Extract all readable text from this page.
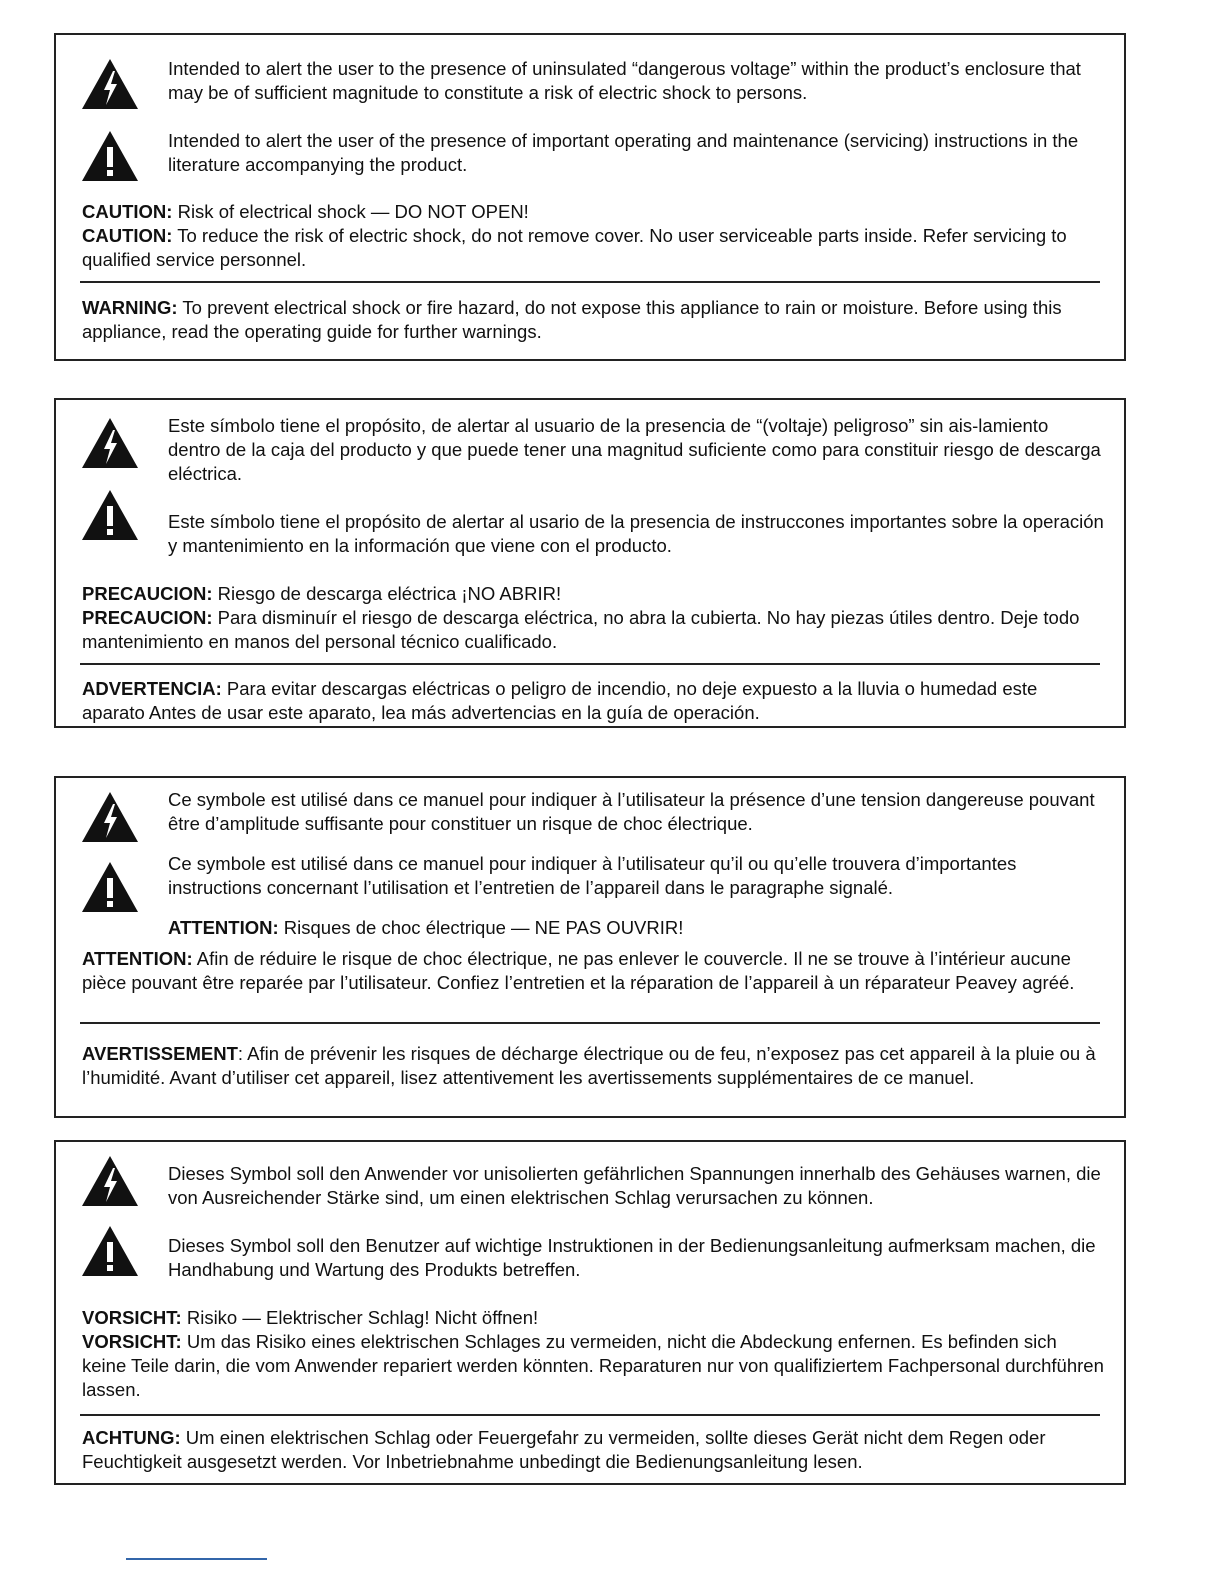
Intended to alert the user to the presence of uninsulated “dangerous voltage” within the product’s enclosure that may be of sufficient magnitude to constitute a risk of electric shock to persons.
Intended to alert the user of the presence of important operating and maintenance (servicing) instructions in the literature accompanying the product.
CAUTION: Risk of electrical shock — DO NOT OPEN!
CAUTION: To reduce the risk of electric shock, do not remove cover. No user serviceable parts inside. Refer servicing to qualified service personnel.
WARNING: To prevent electrical shock or fire hazard, do not expose this appliance to rain or moisture. Before using this appliance, read the operating guide for further warnings.
Este símbolo tiene el propósito, de alertar al usuario de la presencia de “(voltaje) peligroso” sin ais-lamiento dentro de la caja del producto y que puede tener una magnitud suficiente como para constituir riesgo de descarga eléctrica.
Este símbolo tiene el propósito de alertar al usario de la presencia de instruccones importantes sobre la operación y mantenimiento en la información que viene con el producto.
PRECAUCION: Riesgo de descarga eléctrica ¡NO ABRIR!
PRECAUCION: Para disminuír el riesgo de descarga eléctrica, no abra la cubierta. No hay piezas útiles dentro. Deje todo mantenimiento en manos del personal técnico cualificado.
ADVERTENCIA: Para evitar descargas eléctricas o peligro de incendio, no deje expuesto a la lluvia o humedad este aparato Antes de usar este aparato, lea más advertencias en la guía de operación.
Ce symbole est utilisé dans ce manuel pour indiquer à l’utilisateur la présence d’une tension dangereuse pouvant être d’amplitude suffisante pour constituer un risque de choc électrique.
Ce symbole est utilisé dans ce manuel pour indiquer à l’utilisateur qu’il ou qu’elle trouvera d’importantes instructions concernant l’utilisation et l’entretien de l’appareil dans le paragraphe signalé.
ATTENTION: Risques de choc électrique — NE PAS OUVRIR!
ATTENTION: Afin de réduire le risque de choc électrique, ne pas enlever le couvercle. Il ne se trouve à l’intérieur aucune pièce pouvant être reparée par l’utilisateur. Confiez l’entretien et la réparation de l’appareil à un réparateur Peavey agréé.
AVERTISSEMENT: Afin de prévenir les risques de décharge électrique ou de feu, n’exposez pas cet appareil à la pluie ou à l’humidité. Avant d’utiliser cet appareil, lisez attentivement les avertissements supplémentaires de ce manuel.
Dieses Symbol soll den Anwender vor unisolierten gefährlichen Spannungen innerhalb des Gehäuses warnen, die von Ausreichender Stärke sind, um einen elektrischen Schlag verursachen zu können.
Dieses Symbol soll den Benutzer auf wichtige Instruktionen in der Bedienungsanleitung aufmerksam machen, die Handhabung und Wartung des Produkts betreffen.
VORSICHT: Risiko — Elektrischer Schlag! Nicht öffnen!
VORSICHT: Um das Risiko eines elektrischen Schlages zu vermeiden, nicht die Abdeckung enfernen. Es befinden sich keine Teile darin, die vom Anwender repariert werden könnten. Reparaturen nur von qualifiziertem Fachpersonal durchführen lassen.
ACHTUNG: Um einen elektrischen Schlag oder Feuergefahr zu vermeiden, sollte dieses Gerät nicht dem Regen oder Feuchtigkeit ausgesetzt werden. Vor Inbetriebnahme unbedingt die Bedienungsanleitung lesen.
